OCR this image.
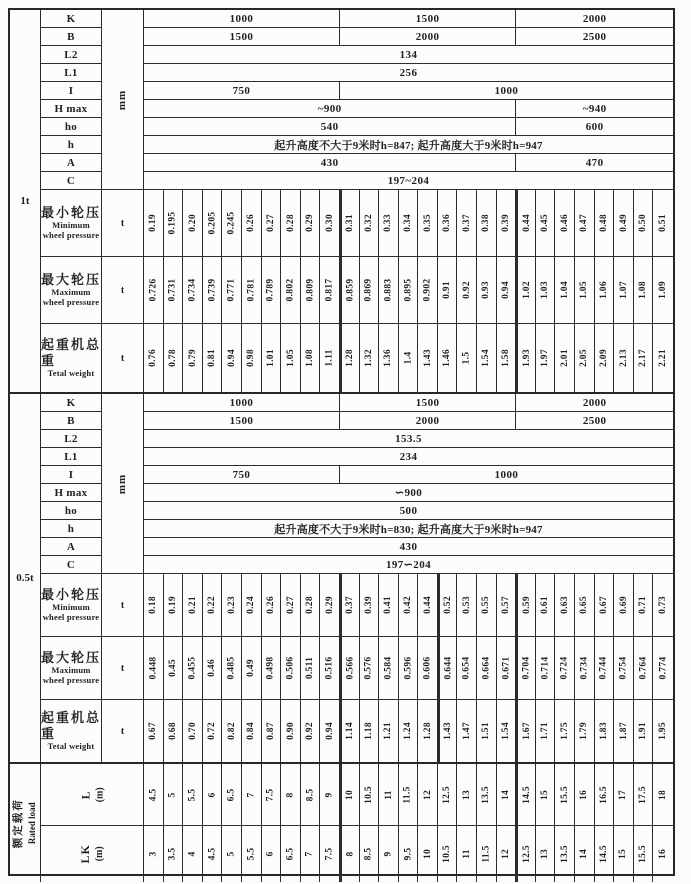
1t
K	1000	1500	2000
B	1500	2000	2500
L2	134
L1	256
I	750	1000
H max	~900	~940
ho	540	600
h	起升高度不大于9米时h=847; 起升高度大于9米时h=947
A	430	470
C	197~204
mm
最小轮压
Minimum wheel pressure
t	0.19 0.195 0.20 0.205 0.245 0.26 0.27 0.28 0.29 0.30 0.31 0.32 0.33 0.34 0.35 0.36 0.37 0.38 0.39 0.44 0.45 0.46 0.47 0.48 0.49 0.50 0.51
最大轮压
Maximum wheel pressure
t	0.726 0.731 0.734 0.739 0.771 0.781 0.789 0.802 0.809 0.817 0.859 0.869 0.883 0.895 0.902 0.91 0.92 0.93 0.94 1.02 1.03 1.04 1.05 1.06 1.07 1.08 1.09
起重机总重
Tetal weight
t	0.76 0.78 0.79 0.81 0.94 0.98 1.01 1.05 1.08 1.11 1.28 1.32 1.36 1.4 1.43 1.46 1.5 1.54 1.58 1.93 1.97 2.01 2.05 2.09 2.13 2.17 2.21
0.5t
K	1000	1500	2000
B	1500	2000	2500
L2	153.5
L1	234
I	750	1000
H max	∽900
ho	500
h	起升高度不大于9米时h=830; 起升高度大于9米时h=947
A	430
C	197∽204
mm
最小轮压
Minimum wheel pressure
t	0.18 0.19 0.21 0.22 0.23 0.24 0.26 0.27 0.28 0.29 0.37 0.39 0.41 0.42 0.44 0.52 0.53 0.55 0.57 0.59 0.61 0.63 0.65 0.67 0.69 0.71 0.73
最大轮压
Maximum wheel pressure
t	0.448 0.45 0.455 0.46 0.485 0.49 0.498 0.506 0.511 0.516 0.566 0.576 0.584 0.596 0.606 0.644 0.654 0.664 0.671 0.704 0.714 0.724 0.734 0.744 0.754 0.764 0.774
起重机总重
Tetal weight
t	0.67 0.68 0.70 0.72 0.82 0.84 0.87 0.90 0.92 0.94 1.14 1.18 1.21 1.24 1.28 1.43 1.47 1.51 1.54 1.67 1.71 1.75 1.79 1.83 1.87 1.91 1.95
额定载荷 Rated load
L (m)	4.5 5 5.5 6 6.5 7 7.5 8 8.5 9 10 10.5 11 11.5 12 12.5 13 13.5 14 14.5 15 15.5 16 16.5 17 17.5 18
LK (m)	3 3.5 4 4.5 5 5.5 6 6.5 7 7.5 8 8.5 9 9.5 10 10.5 11 11.5 12 12.5 13 13.5 14 14.5 15 15.5 16
